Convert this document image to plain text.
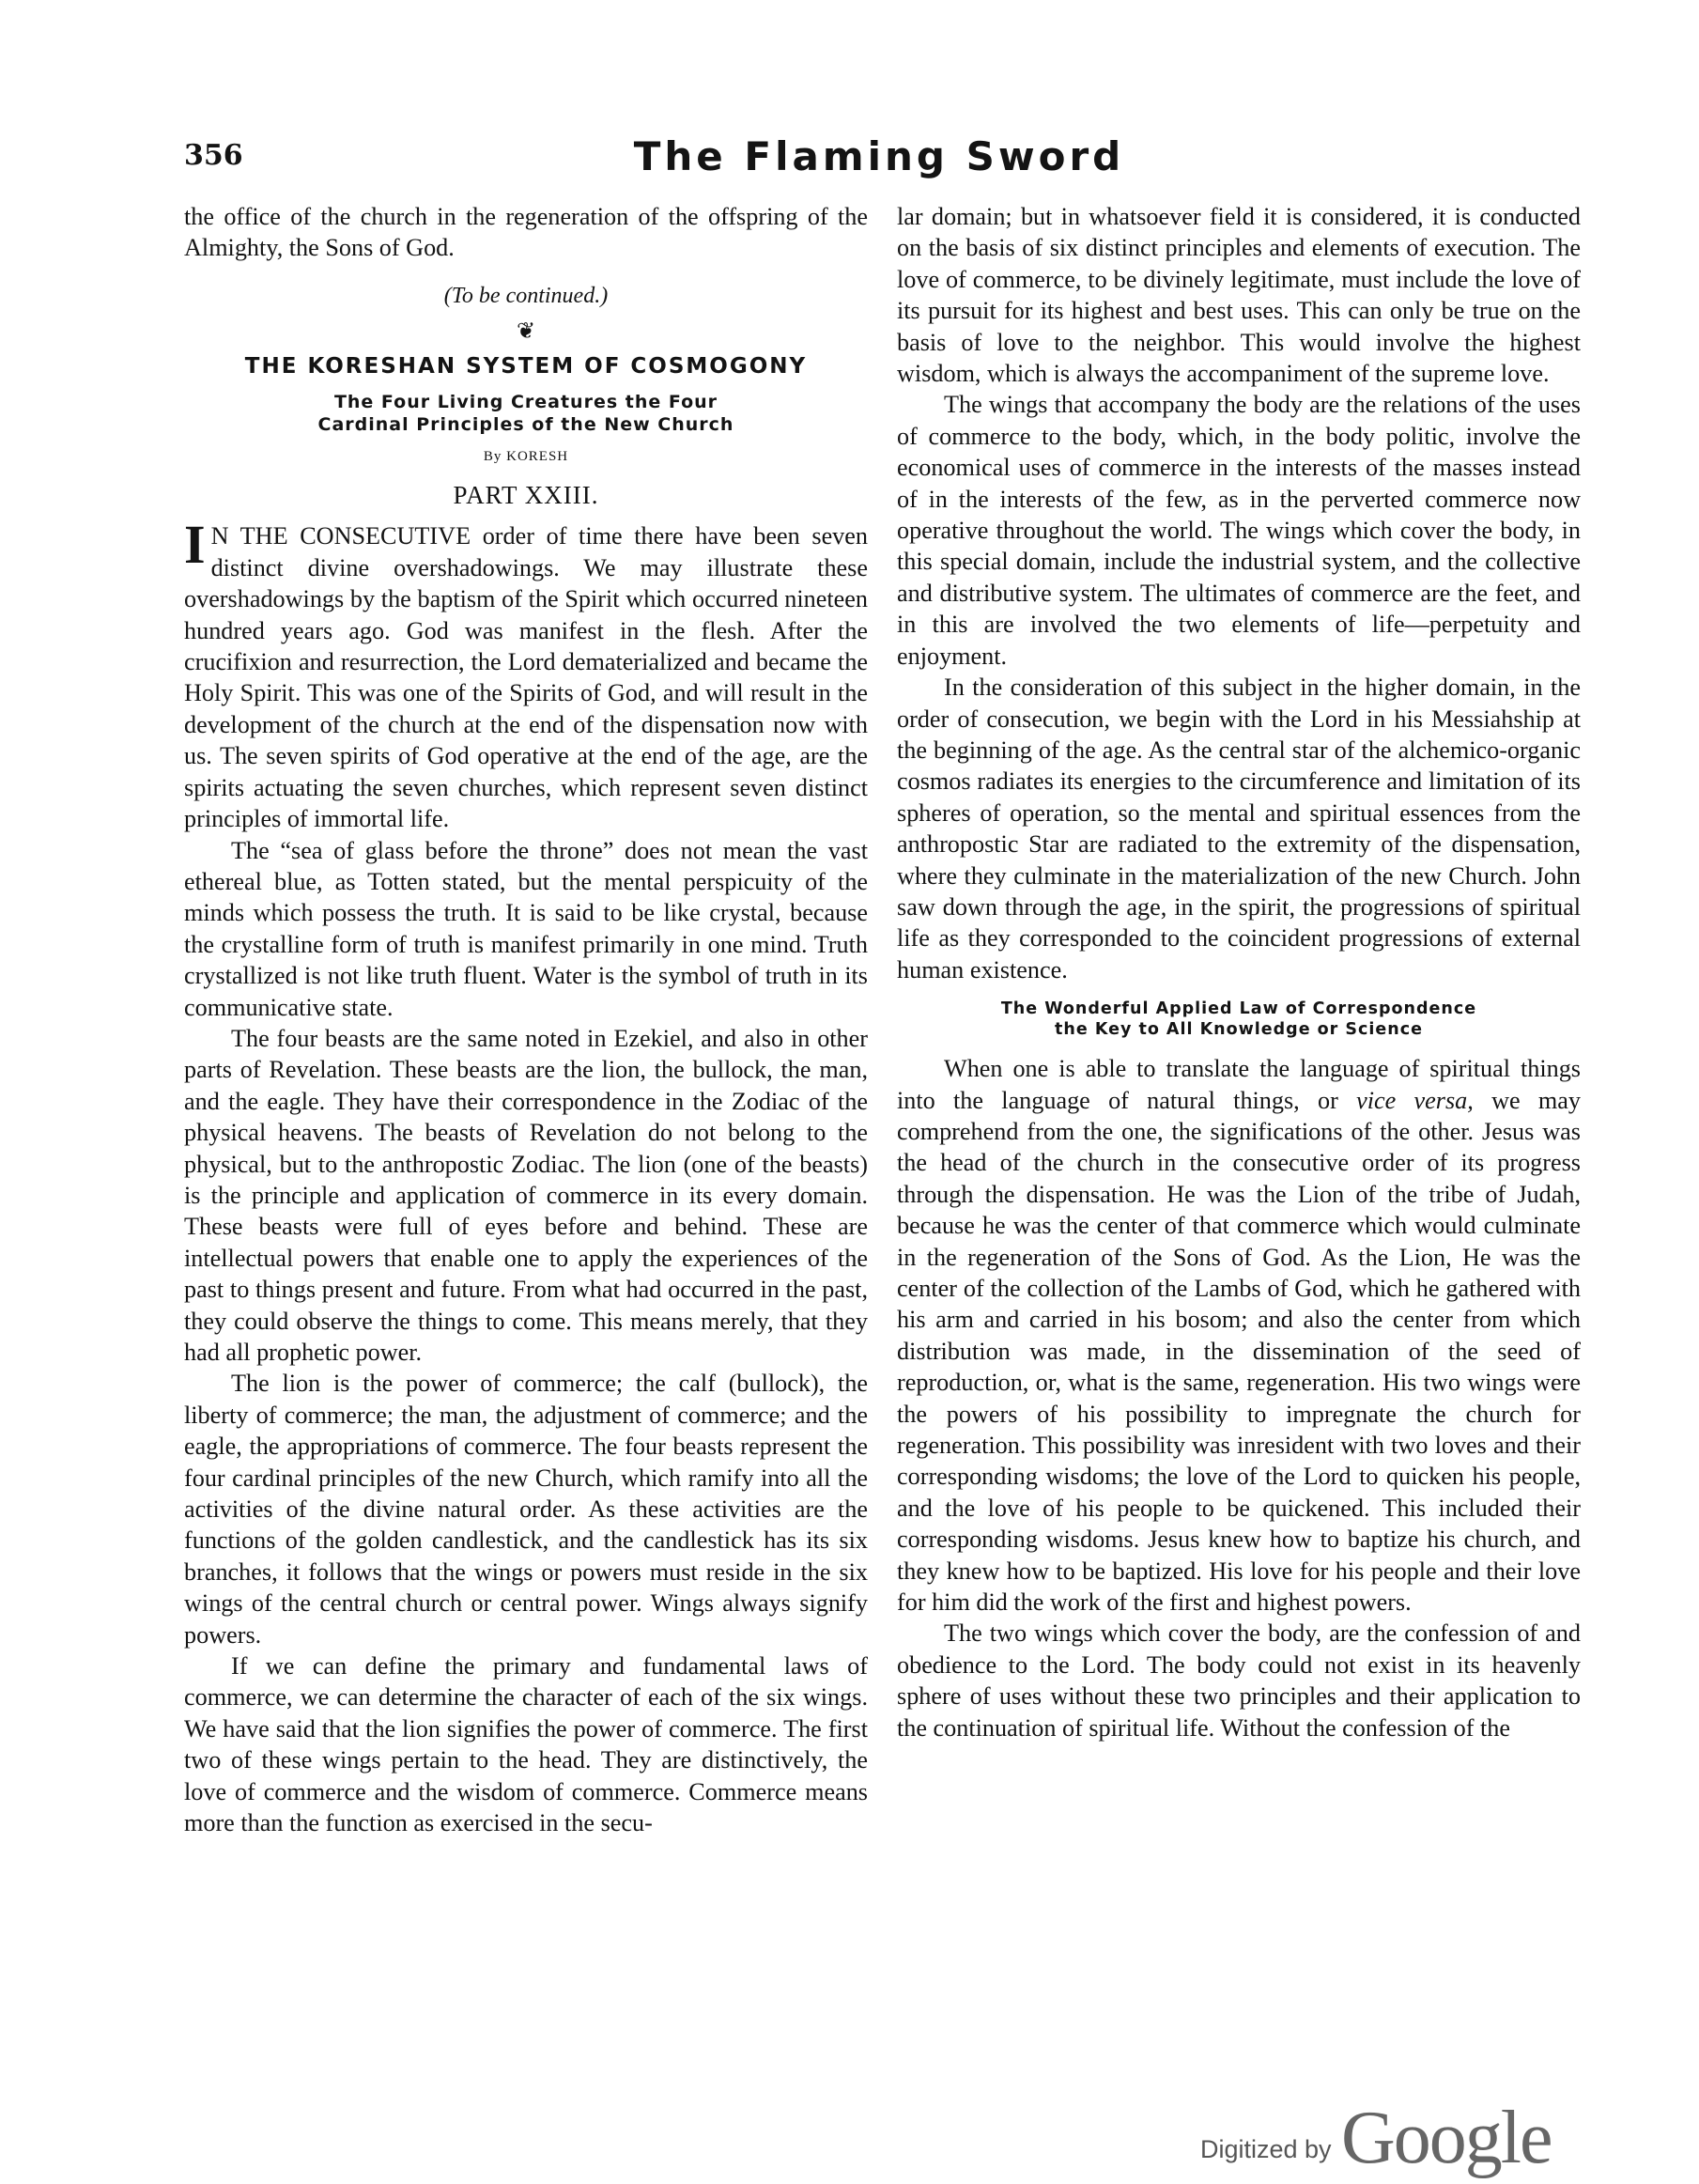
356	The Flaming Sword

the office of the church in the regeneration of the offspring of the Almighty, the Sons of God.

(To be continued.)
❦
THE KORESHAN SYSTEM OF COSMOGONY
The Four Living Creatures the Four
Cardinal Principles of the New Church
By KORESH
PART XXIII.

I N THE CONSECUTIVE order of time there have been seven distinct divine overshadowings. We may illustrate these overshadowings by the baptism of the Spirit which occurred nineteen hundred years ago. God was manifest in the flesh. After the crucifixion and resurrection, the Lord dematerialized and became the Holy Spirit. This was one of the Spirits of God, and will result in the development of the church at the end of the dispensation now with us. The seven spirits of God operative at the end of the age, are the spirits actuating the seven churches, which represent seven distinct principles of immortal life.

The “sea of glass before the throne” does not mean the vast ethereal blue, as Totten stated, but the mental perspicuity of the minds which possess the truth. It is said to be like crystal, because the crystalline form of truth is manifest primarily in one mind. Truth crystallized is not like truth fluent. Water is the symbol of truth in its communicative state.

The four beasts are the same noted in Ezekiel, and also in other parts of Revelation. These beasts are the lion, the bullock, the man, and the eagle. They have their correspondence in the Zodiac of the physical heavens. The beasts of Revelation do not belong to the physical, but to the anthropostic Zodiac. The lion (one of the beasts) is the principle and application of commerce in its every domain. These beasts were full of eyes before and behind. These are intellectual powers that enable one to apply the experiences of the past to things present and future. From what had occurred in the past, they could observe the things to come. This means merely, that they had all prophetic power.

The lion is the power of commerce; the calf (bullock), the liberty of commerce; the man, the adjustment of commerce; and the eagle, the appropriations of commerce. The four beasts represent the four cardinal principles of the new Church, which ramify into all the activities of the divine natural order. As these activities are the functions of the golden candlestick, and the candlestick has its six branches, it follows that the wings or powers must reside in the six wings of the central church or central power. Wings always signify powers.

If we can define the primary and fundamental laws of commerce, we can determine the character of each of the six wings. We have said that the lion signifies the power of commerce. The first two of these wings pertain to the head. They are distinctively, the love of commerce and the wisdom of commerce. Commerce means more than the function as exercised in the secu-

lar domain; but in whatsoever field it is considered, it is conducted on the basis of six distinct principles and elements of execution. The love of commerce, to be divinely legitimate, must include the love of its pursuit for its highest and best uses. This can only be true on the basis of love to the neighbor. This would involve the highest wisdom, which is always the accompaniment of the supreme love.

The wings that accompany the body are the relations of the uses of commerce to the body, which, in the body politic, involve the economical uses of commerce in the interests of the masses instead of in the interests of the few, as in the perverted commerce now operative throughout the world. The wings which cover the body, in this special domain, include the industrial system, and the collective and distributive system. The ultimates of commerce are the feet, and in this are involved the two elements of life—perpetuity and enjoyment.

In the consideration of this subject in the higher domain, in the order of consecution, we begin with the Lord in his Messiahship at the beginning of the age. As the central star of the alchemico-organic cosmos radiates its energies to the circumference and limitation of its spheres of operation, so the mental and spiritual essences from the anthropostic Star are radiated to the extremity of the dispensation, where they culminate in the materialization of the new Church. John saw down through the age, in the spirit, the progressions of spiritual life as they corresponded to the coincident progressions of external human existence.

The Wonderful Applied Law of Correspondence
the Key to All Knowledge or Science

When one is able to translate the language of spiritual things into the language of natural things, or vice versa, we may comprehend from the one, the significations of the other. Jesus was the head of the church in the consecutive order of its progress through the dispensation. He was the Lion of the tribe of Judah, because he was the center of that commerce which would culminate in the regeneration of the Sons of God. As the Lion, He was the center of the collection of the Lambs of God, which he gathered with his arm and carried in his bosom; and also the center from which distribution was made, in the dissemination of the seed of reproduction, or, what is the same, regeneration. His two wings were the powers of his possibility to impregnate the church for regeneration. This possibility was inresident with two loves and their corresponding wisdoms; the love of the Lord to quicken his people, and the love of his people to be quickened. This included their corresponding wisdoms. Jesus knew how to baptize his church, and they knew how to be baptized. His love for his people and their love for him did the work of the first and highest powers.

The two wings which cover the body, are the confession of and obedience to the Lord. The body could not exist in its heavenly sphere of uses without these two principles and their application to the continuation of spiritual life. Without the confession of the

Digitized by Google
